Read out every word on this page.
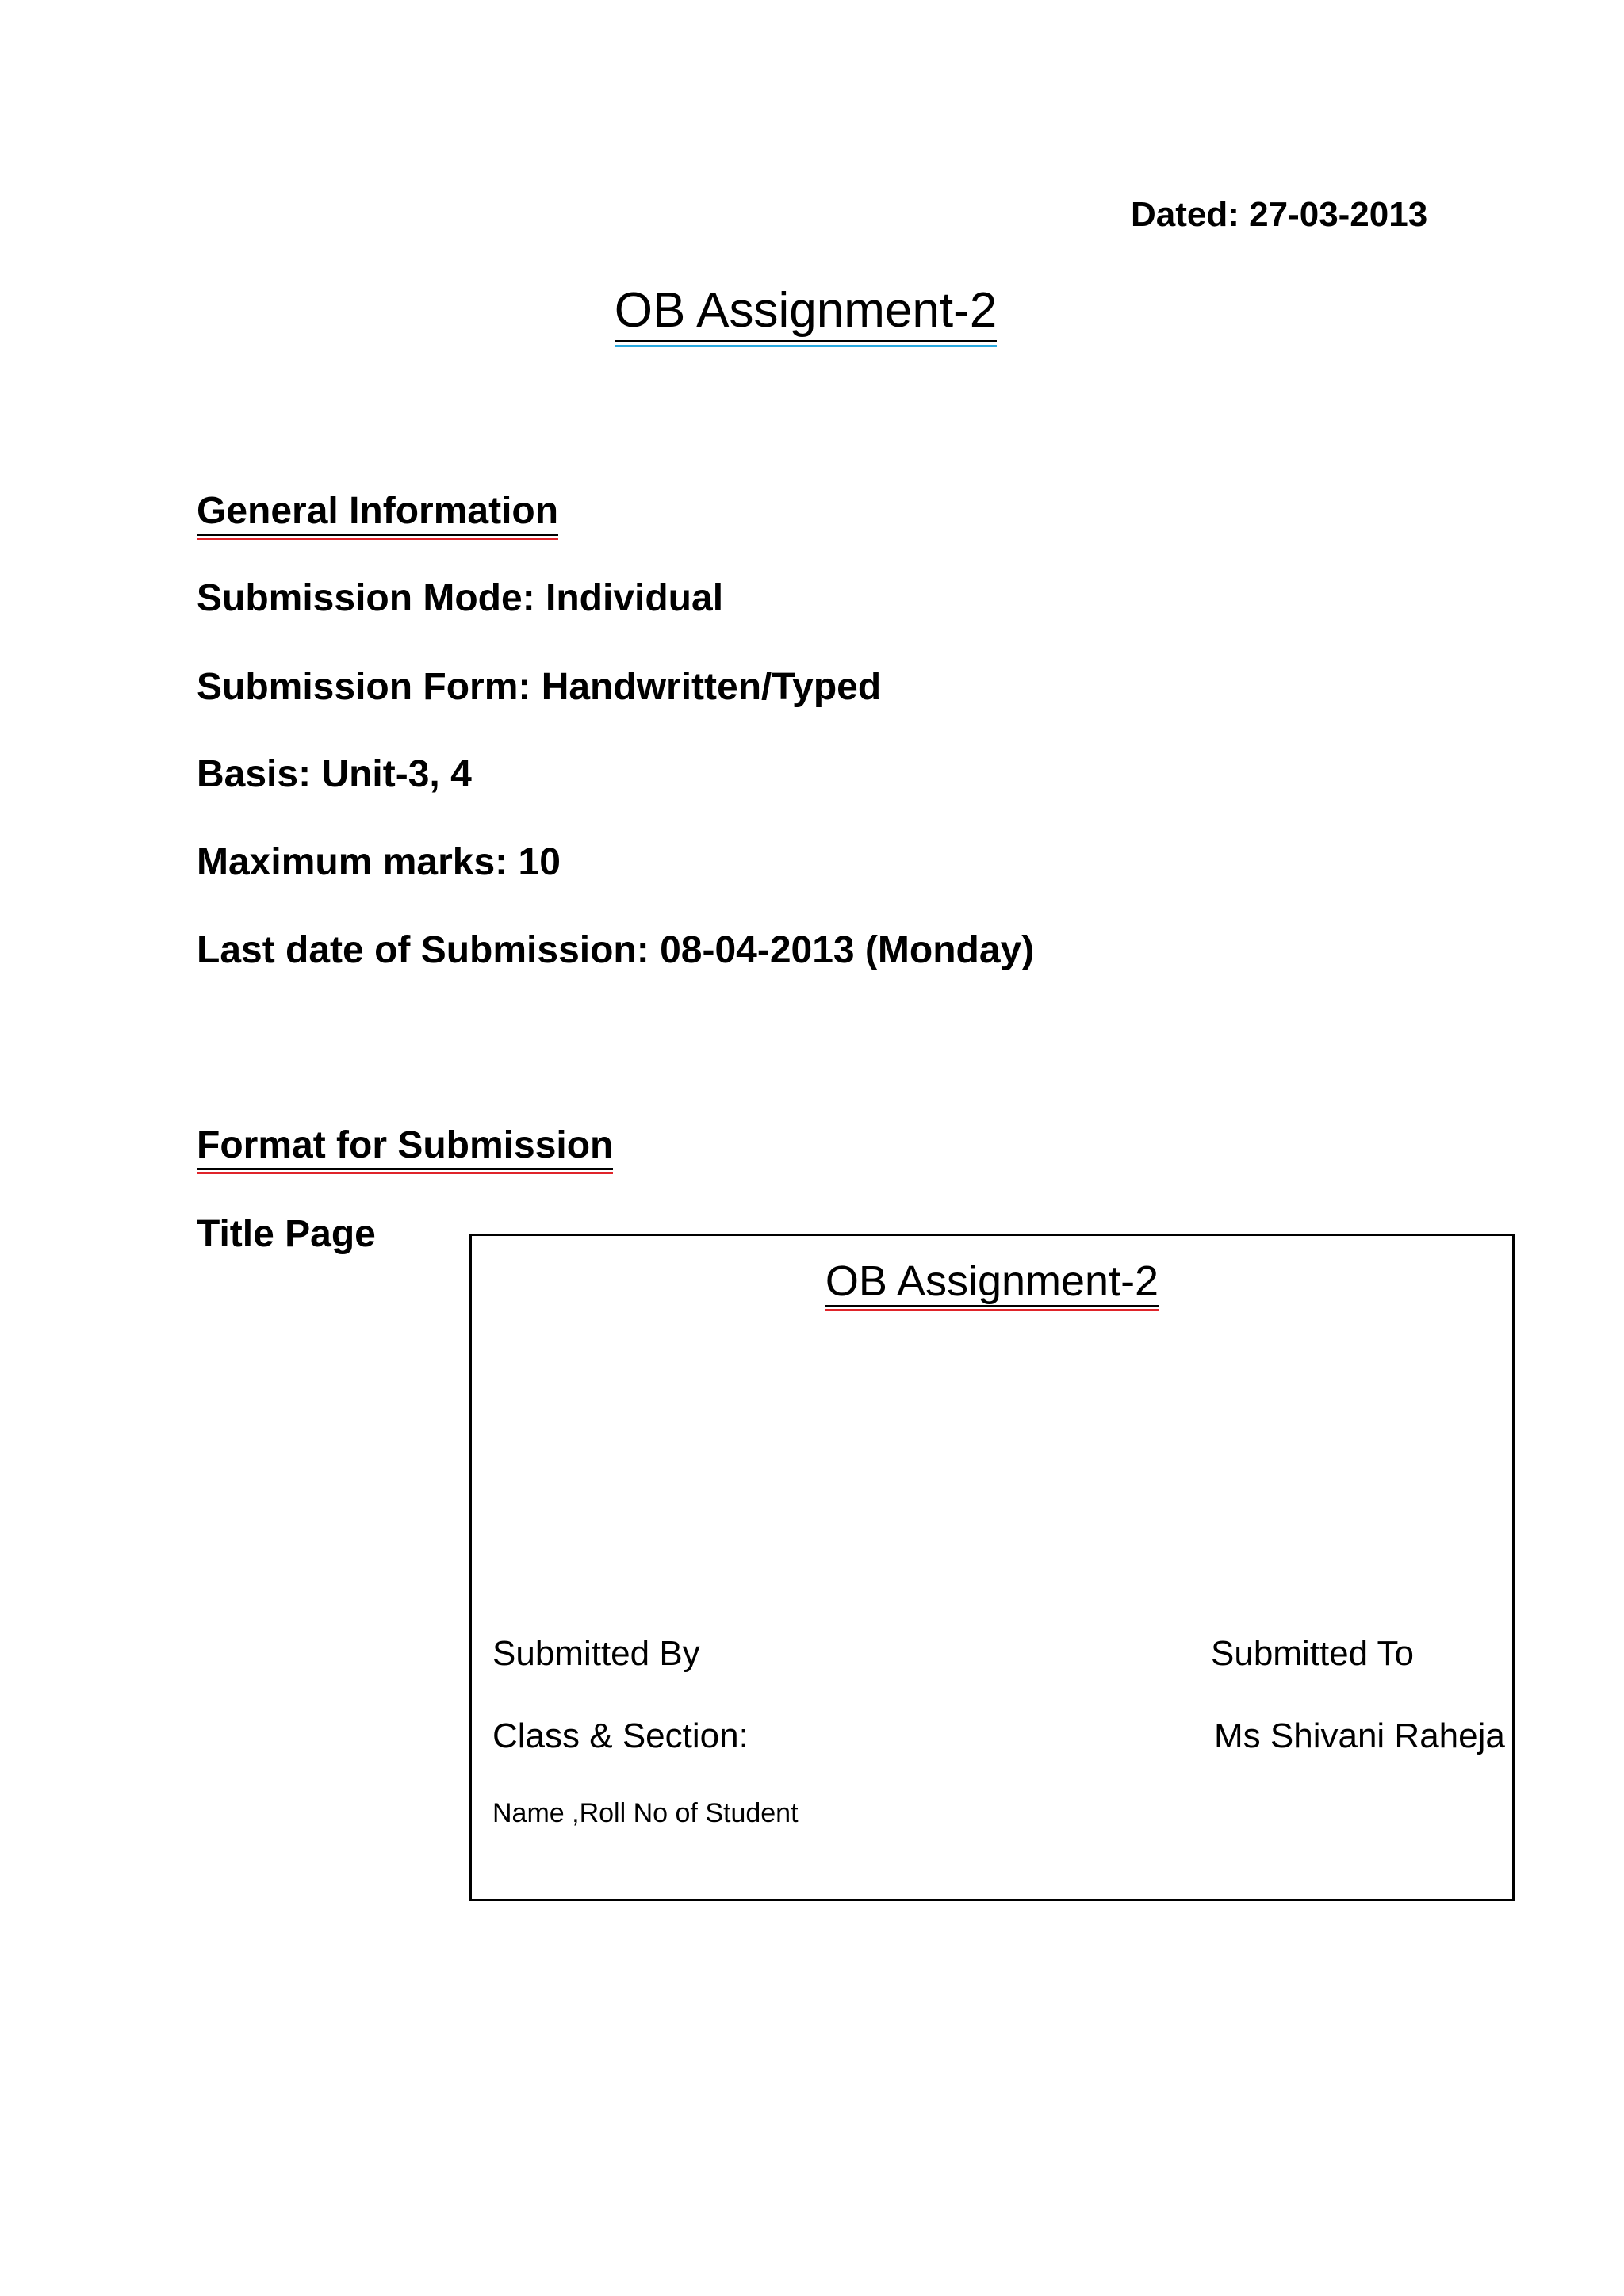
Dated: 27-03-2013
OB Assignment-2
General Information
Submission Mode: Individual
Submission Form: Handwritten/Typed
Basis: Unit-3, 4
Maximum marks: 10
Last date of Submission: 08-04-2013 (Monday)
Format for Submission
Title Page
OB Assignment-2
Submitted By
Class & Section:
Name ,Roll No of Student
Submitted To
Ms Shivani Raheja
